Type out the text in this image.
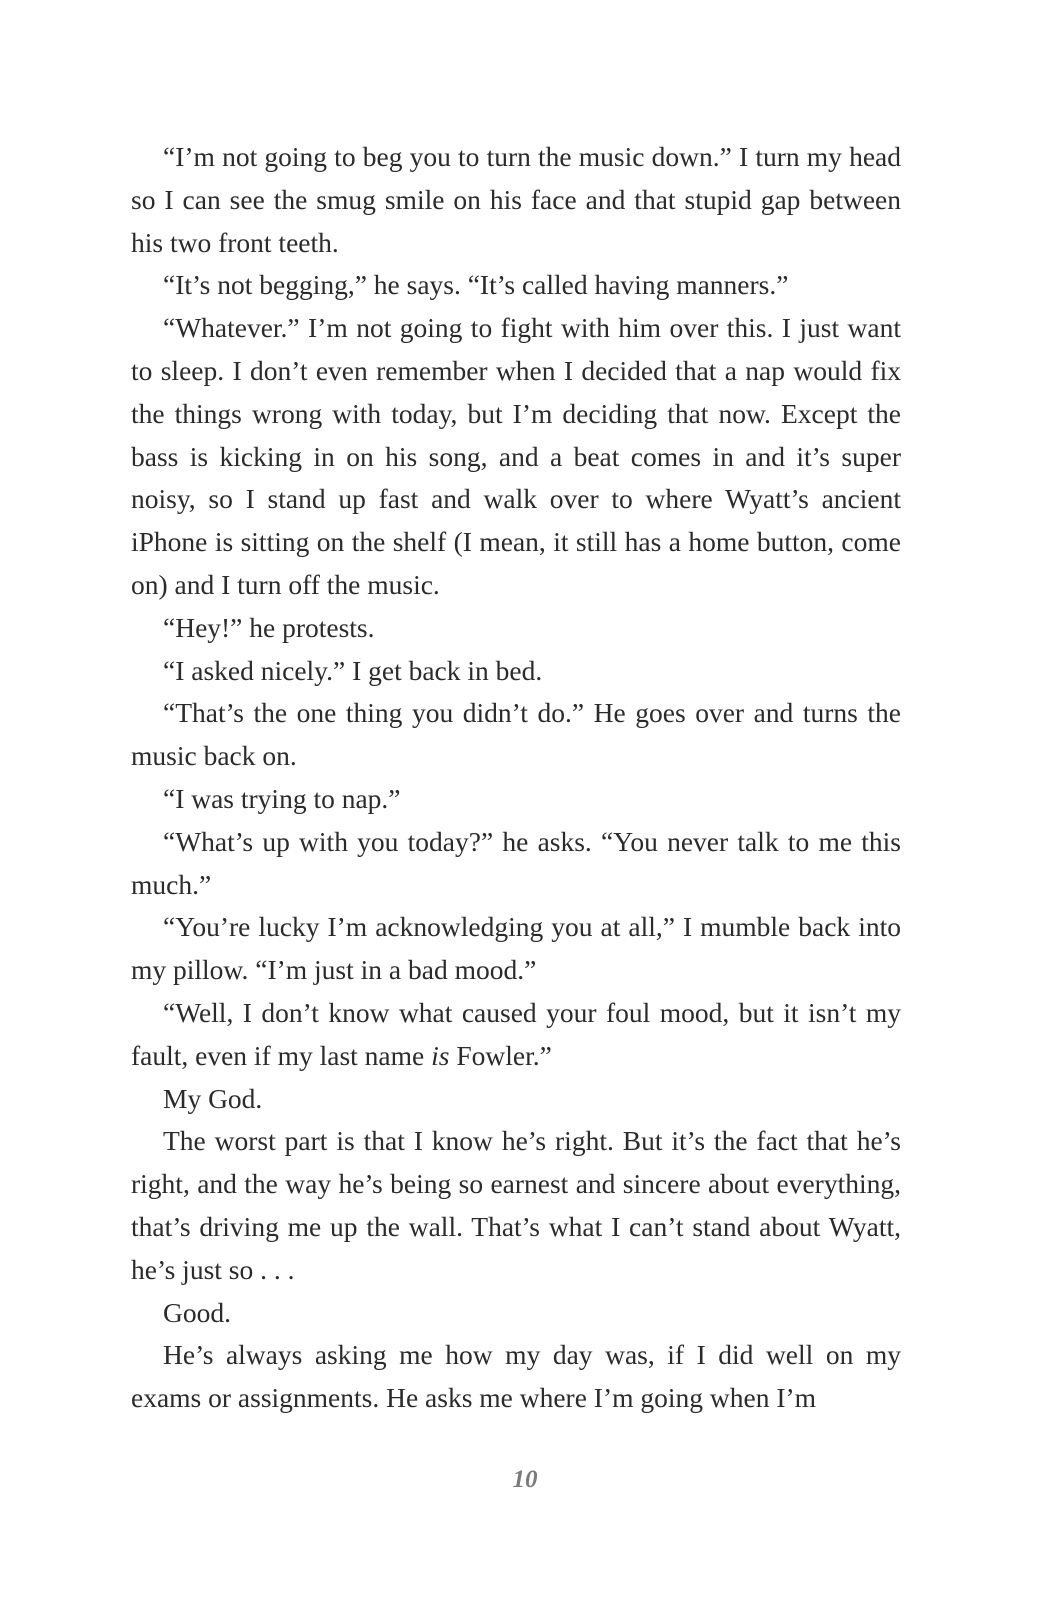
“I’m not going to beg you to turn the music down.” I turn my head so I can see the smug smile on his face and that stupid gap between his two front teeth.

“It’s not begging,” he says. “It’s called having manners.”

“Whatever.” I’m not going to fight with him over this. I just want to sleep. I don’t even remember when I decided that a nap would fix the things wrong with today, but I’m deciding that now. Except the bass is kicking in on his song, and a beat comes in and it’s super noisy, so I stand up fast and walk over to where Wyatt’s ancient iPhone is sitting on the shelf (I mean, it still has a home button, come on) and I turn off the music.

“Hey!” he protests.

“I asked nicely.” I get back in bed.

“That’s the one thing you didn’t do.” He goes over and turns the music back on.

“I was trying to nap.”

“What’s up with you today?” he asks. “You never talk to me this much.”

“You’re lucky I’m acknowledging you at all,” I mumble back into my pillow. “I’m just in a bad mood.”

“Well, I don’t know what caused your foul mood, but it isn’t my fault, even if my last name is Fowler.”

My God.

The worst part is that I know he’s right. But it’s the fact that he’s right, and the way he’s being so earnest and sincere about everything, that’s driving me up the wall. That’s what I can’t stand about Wyatt, he’s just so . . .

Good.

He’s always asking me how my day was, if I did well on my exams or assignments. He asks me where I’m going when I’m

10
